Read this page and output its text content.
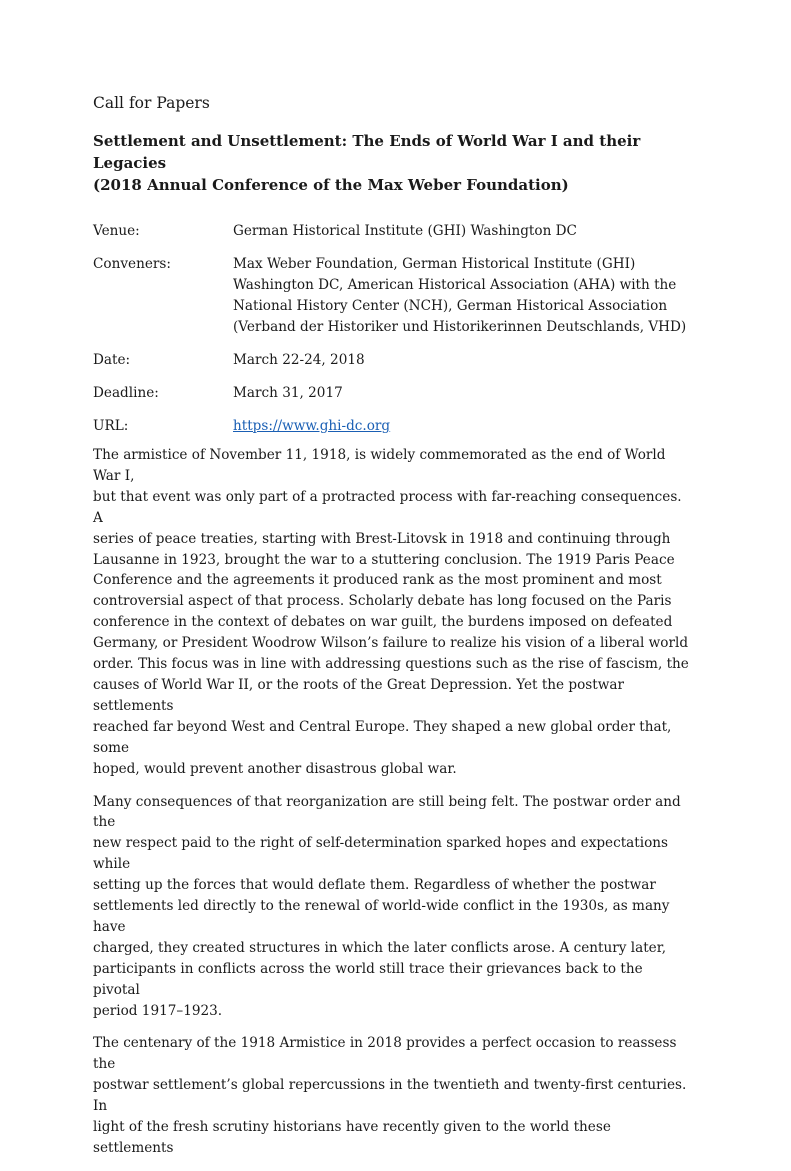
Call for Papers
Settlement and Unsettlement: The Ends of World War I and their Legacies
(2018 Annual Conference of the Max Weber Foundation)
Venue:	German Historical Institute (GHI) Washington DC
Conveners:	Max Weber Foundation, German Historical Institute (GHI)
Washington DC, American Historical Association (AHA) with the
National History Center (NCH), German Historical Association
(Verband der Historiker und Historikerinnen Deutschlands, VHD)
Date:	March 22-24, 2018
Deadline:	March 31, 2017
URL:	https://www.ghi-dc.org
The armistice of November 11, 1918, is widely commemorated as the end of World War I,
but that event was only part of a protracted process with far-reaching consequences. A
series of peace treaties, starting with Brest-Litovsk in 1918 and continuing through
Lausanne in 1923, brought the war to a stuttering conclusion. The 1919 Paris Peace
Conference and the agreements it produced rank as the most prominent and most
controversial aspect of that process. Scholarly debate has long focused on the Paris
conference in the context of debates on war guilt, the burdens imposed on defeated
Germany, or President Woodrow Wilson’s failure to realize his vision of a liberal world
order. This focus was in line with addressing questions such as the rise of fascism, the
causes of World War II, or the roots of the Great Depression. Yet the postwar settlements
reached far beyond West and Central Europe. They shaped a new global order that, some
hoped, would prevent another disastrous global war.
Many consequences of that reorganization are still being felt. The postwar order and the
new respect paid to the right of self-determination sparked hopes and expectations while
setting up the forces that would deflate them. Regardless of whether the postwar
settlements led directly to the renewal of world-wide conflict in the 1930s, as many have
charged, they created structures in which the later conflicts arose. A century later,
participants in conflicts across the world still trace their grievances back to the pivotal
period 1917–1923.
The centenary of the 1918 Armistice in 2018 provides a perfect occasion to reassess the
postwar settlement’s global repercussions in the twentieth and twenty-first centuries. In
light of the fresh scrutiny historians have recently given to the world these settlements
